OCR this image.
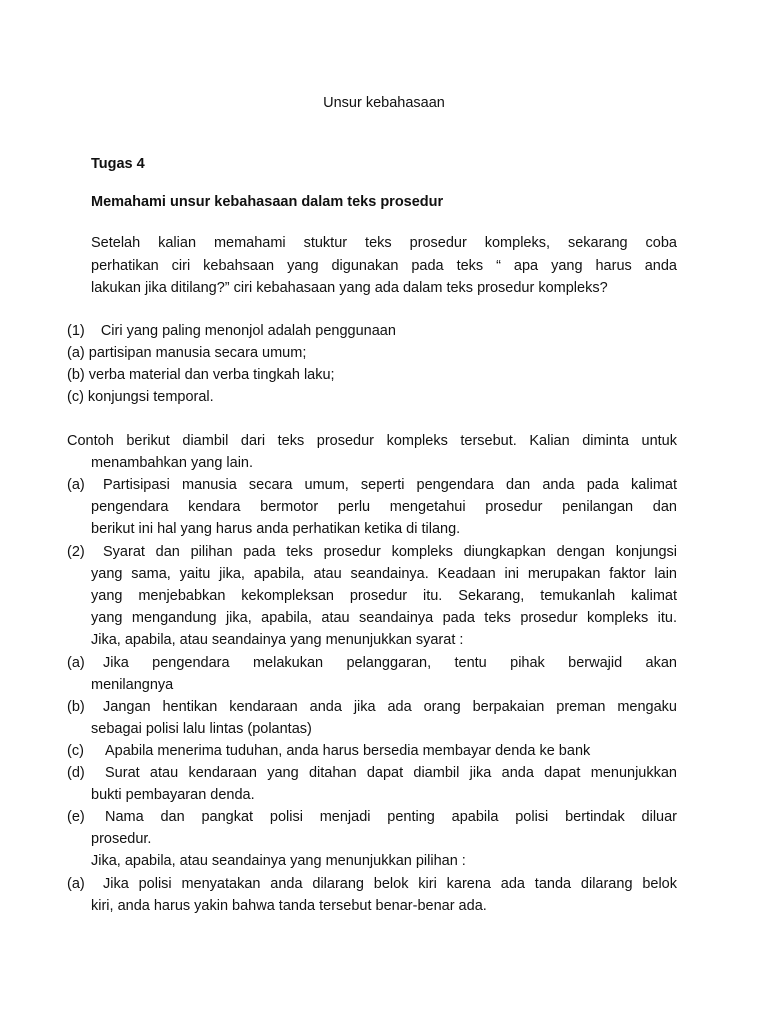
Unsur kebahasaan
Tugas 4
Memahami unsur kebahasaan dalam teks prosedur
Setelah kalian memahami stuktur teks prosedur kompleks, sekarang coba
perhatikan ciri kebahsaan yang digunakan pada teks “ apa yang harus anda
lakukan jika ditilang?” ciri kebahasaan yang ada dalam teks prosedur kompleks?
(1)    Ciri yang paling menonjol adalah penggunaan
(a) partisipan manusia secara umum;
(b) verba material dan verba tingkah laku;
(c) konjungsi temporal.
Contoh berikut diambil dari teks prosedur kompleks tersebut. Kalian diminta untuk
menambahkan yang lain.
(a) Partisipasi manusia secara umum, seperti pengendara dan anda pada kalimat
pengendara kendara bermotor perlu mengetahui prosedur penilangan dan
berikut ini hal yang harus anda perhatikan ketika di tilang.
(2) Syarat dan pilihan pada teks prosedur kompleks diungkapkan dengan konjungsi
yang sama, yaitu jika, apabila, atau seandainya. Keadaan ini merupakan faktor lain
yang menjebabkan kekompleksan prosedur itu. Sekarang, temukanlah kalimat
yang mengandung jika, apabila, atau seandainya pada teks prosedur kompleks itu.
Jika, apabila, atau seandainya yang menunjukkan syarat :
(a) Jika pengendara melakukan pelanggaran, tentu pihak berwajid akan
menilangnya
(b) Jangan hentikan kendaraan anda jika ada orang berpakaian preman mengaku
sebagai polisi lalu lintas (polantas)
(c) Apabila menerima tuduhan, anda harus bersedia membayar denda ke bank
(d) Surat atau kendaraan yang ditahan dapat diambil jika anda dapat menunjukkan
bukti pembayaran denda.
(e) Nama dan pangkat polisi menjadi penting apabila polisi bertindak diluar
prosedur.
Jika, apabila, atau seandainya yang menunjukkan pilihan :
(a) Jika polisi menyatakan anda dilarang belok kiri karena ada tanda dilarang belok
kiri, anda harus yakin bahwa tanda tersebut benar-benar ada.
